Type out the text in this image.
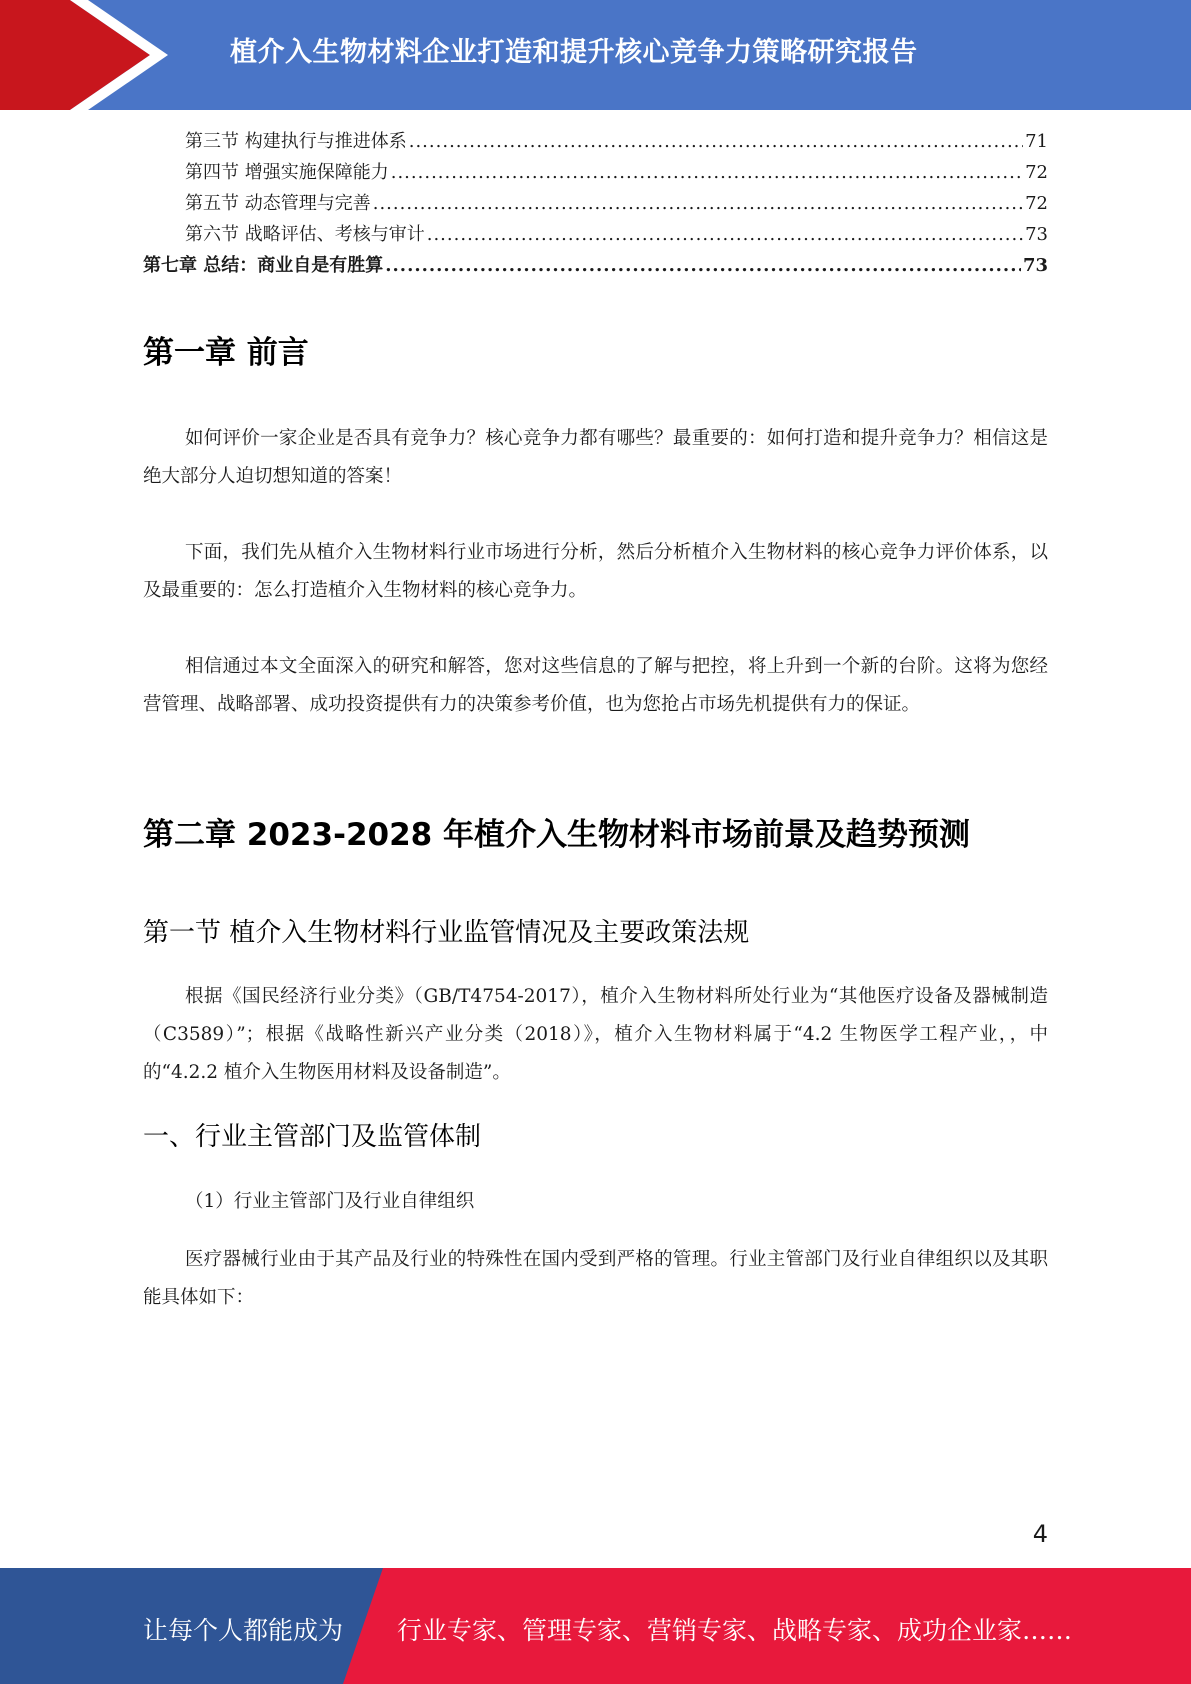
植介入生物材料企业打造和提升核心竞争力策略研究报告
第三节 构建执行与推进体系 .....	71
第四节 增强实施保障能力 .....	72
第五节 动态管理与完善 .....	72
第六节 战略评估、考核与审计 .....	73
第七章 总结：商业自是有胜算 .....	73
第一章 前言

如何评价一家企业是否具有竞争力？核心竞争力都有哪些？最重要的：如何打造和提升竞争力？相信这是绝大部分人迫切想知道的答案！

下面，我们先从植介入生物材料行业市场进行分析，然后分析植介入生物材料的核心竞争力评价体系，以及最重要的：怎么打造植介入生物材料的核心竞争力。

相信通过本文全面深入的研究和解答，您对这些信息的了解与把控，将上升到一个新的台阶。这将为您经营管理、战略部署、成功投资提供有力的决策参考价值，也为您抢占市场先机提供有力的保证。

第二章 2023-2028 年植介入生物材料市场前景及趋势预测
第一节 植介入生物材料行业监管情况及主要政策法规

根据《国民经济行业分类》（GB/T4754-2017），植介入生物材料所处行业为“其他医疗设备及器械制造（C3589）”；根据《战略性新兴产业分类（2018）》，植介入生物材料属于“4.2 生物医学工程产业，，中的“4.2.2 植介入生物医用材料及设备制造”。

一、行业主管部门及监管体制
（1）行业主管部门及行业自律组织

医疗器械行业由于其产品及行业的特殊性在国内受到严格的管理。行业主管部门及行业自律组织以及其职能具体如下：

4
让每个人都能成为 行业专家、管理专家、营销专家、战略专家、成功企业家……
